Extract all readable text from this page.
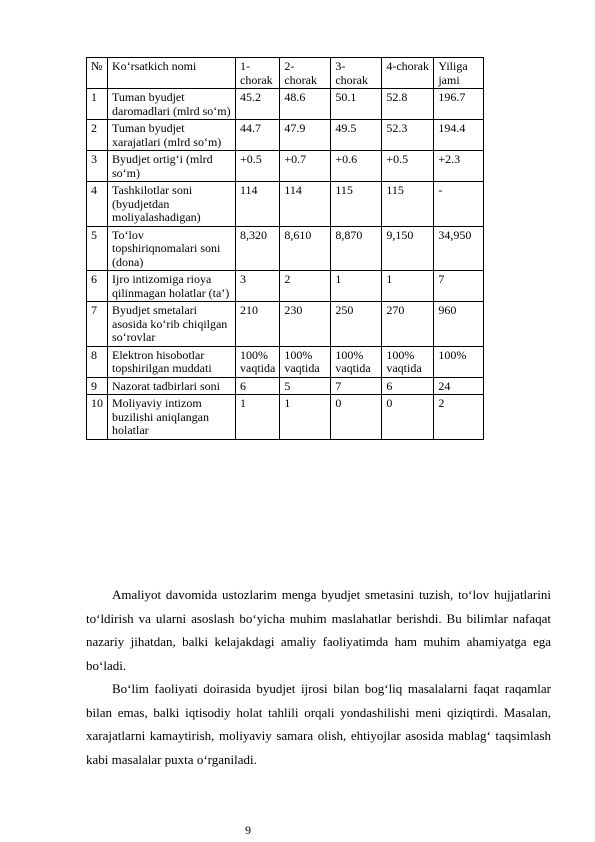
№	Ko‘rsatkich nomi	1-chorak	2-chorak	3-chorak	4-chorak	Yiliga jami
1	Tuman byudjet daromadlari (mlrd so‘m)	45.2	48.6	50.1	52.8	196.7
2	Tuman byudjet xarajatlari (mlrd so‘m)	44.7	47.9	49.5	52.3	194.4
3	Byudjet ortig‘i (mlrd so‘m)	+0.5	+0.7	+0.6	+0.5	+2.3
4	Tashkilotlar soni (byudjetdan moliyalashadigan)	114	114	115	115	-
5	To‘lov topshiriqnomalari soni (dona)	8,320	8,610	8,870	9,150	34,950
6	Ijro intizomiga rioya qilinmagan holatlar (ta’)	3	2	1	1	7
7	Byudjet smetalari asosida ko‘rib chiqilgan so‘rovlar	210	230	250	270	960
8	Elektron hisobotlar topshirilgan muddati	100% vaqtida	100% vaqtida	100% vaqtida	100% vaqtida	100%
9	Nazorat tadbirlari soni	6	5	7	6	24
10	Moliyaviy intizom buzilishi aniqlangan holatlar	1	1	0	0	2

Amaliyot davomida ustozlarim menga byudjet smetasini tuzish, to‘lov hujjatlarini to‘ldirish va ularni asoslash bo‘yicha muhim maslahatlar berishdi. Bu bilimlar nafaqat nazariy jihatdan, balki kelajakdagi amaliy faoliyatimda ham muhim ahamiyatga ega bo‘ladi.

Bo‘lim faoliyati doirasida byudjet ijrosi bilan bog‘liq masalalarni faqat raqamlar bilan emas, balki iqtisodiy holat tahlili orqali yondashilishi meni qiziqtirdi. Masalan, xarajatlarni kamaytirish, moliyaviy samara olish, ehtiyojlar asosida mablag‘ taqsimlash kabi masalalar puxta o‘rganiladi.

9
